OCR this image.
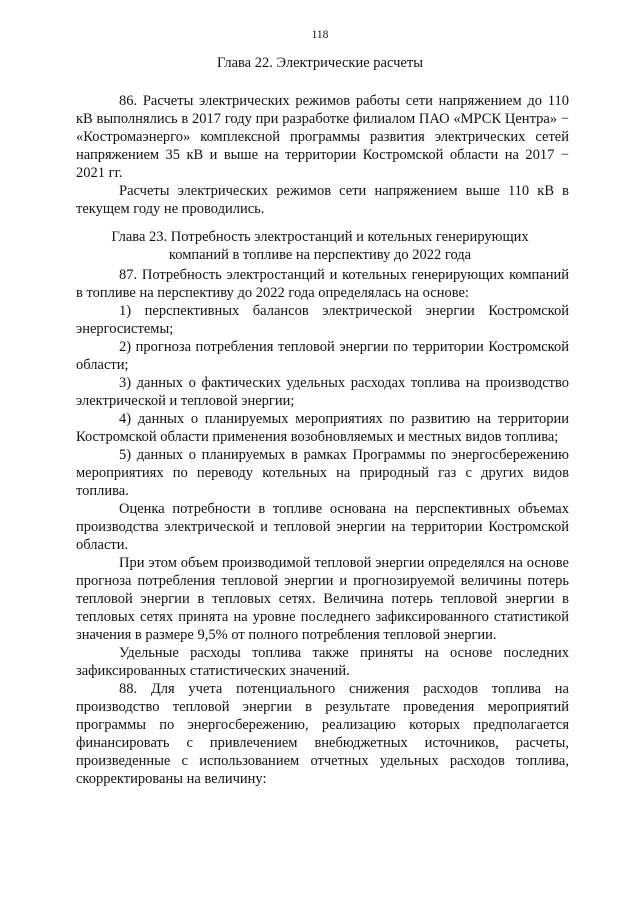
118
Глава 22. Электрические расчеты

86. Расчеты электрических режимов работы сети напряжением до 110 кВ выполнялись в 2017 году при разработке филиалом ПАО «МРСК Центра» − «Костромаэнерго» комплексной программы развития электрических сетей напряжением 35 кВ и выше на территории Костромской области на 2017 − 2021 гг.

Расчеты электрических режимов сети напряжением выше 110 кВ в текущем году не проводились.

Глава 23. Потребность электростанций и котельных генерирующих
компаний в топливе на перспективу до 2022 года

87. Потребность электростанций и котельных генерирующих компаний в топливе на перспективу до 2022 года определялась на основе:

1) перспективных балансов электрической энергии Костромской энергосистемы;

2) прогноза потребления тепловой энергии по территории Костромской области;

3) данных о фактических удельных расходах топлива на производство электрической и тепловой энергии;

4) данных о планируемых мероприятиях по развитию на территории Костромской области применения возобновляемых и местных видов топлива;

5) данных о планируемых в рамках Программы по энергосбережению мероприятиях по переводу котельных на природный газ с других видов топлива.

Оценка потребности в топливе основана на перспективных объемах производства электрической и тепловой энергии на территории Костромской области.

При этом объем производимой тепловой энергии определялся на основе прогноза потребления тепловой энергии и прогнозируемой величины потерь тепловой энергии в тепловых сетях. Величина потерь тепловой энергии в тепловых сетях принята на уровне последнего зафиксированного статистикой значения в размере 9,5% от полного потребления тепловой энергии.

Удельные расходы топлива также приняты на основе последних зафиксированных статистических значений.

88. Для учета потенциального снижения расходов топлива на производство тепловой энергии в результате проведения мероприятий программы по энергосбережению, реализацию которых предполагается финансировать с привлечением внебюджетных источников, расчеты, произведенные с использованием отчетных удельных расходов топлива, скорректированы на величину:
